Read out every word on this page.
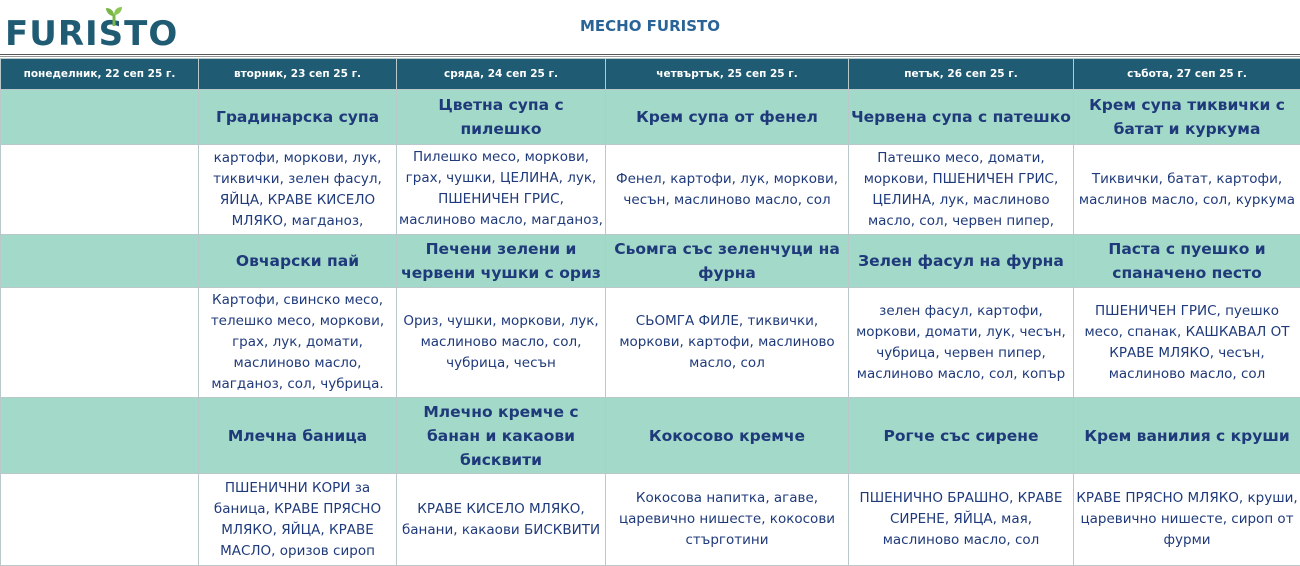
FURISTO	МЕСНО FURISTO
понеделник, 22 сеп 25 г.	вторник, 23 сеп 25 г.	сряда, 24 сеп 25 г.	четвъртък, 25 сеп 25 г.	петък, 26 сеп 25 г.	събота, 27 сеп 25 г.
	Градинарска супа	Цветна супа с пилешко	Крем супа от фенел	Червена супа с патешко	Крем супа тиквички с батат и куркума

	картофи, моркови, лук, тиквички, зелен фасул, ЯЙЦА, КРАВЕ КИСЕЛО МЛЯКО, магданоз,	Пилешко месо, моркови, грах, чушки, ЦЕЛИНА, лук, ПШЕНИЧЕН ГРИС, маслиново масло, магданоз,	Фенел, картофи, лук, моркови, чесън, маслиново масло, сол	Патешко месо, домати, моркови, ПШЕНИЧЕН ГРИС, ЦЕЛИНА, лук, маслиново масло, сол, червен пипер,	Тиквички, батат, картофи, маслинов масло, сол, куркума

	Овчарски пай	Печени зелени и червени чушки с ориз	Сьомга със зеленчуци на фурна	Зелен фасул на фурна	Паста с пуешко и спаначено песто

	Картофи, свинско месо, телешко месо, моркови, грах, лук, домати, маслиново масло, магданоз, сол, чубрица.	Ориз, чушки, моркови, лук, маслиново масло, сол, чубрица, чесън	СЬОМГА ФИЛЕ, тиквички, моркови, картофи, маслиново масло, сол	зелен фасул, картофи, моркови, домати, лук, чесън, чубрица, червен пипер, маслиново масло, сол, копър	ПШЕНИЧЕН ГРИС, пуешко месо, спанак, КАШКАВАЛ ОТ КРАВЕ МЛЯКО, чесън, маслиново масло, сол

	Млечна баница	Млечно кремче с банан и какаови бисквити	Кокосово кремче	Рогче със сирене	Крем ванилия с круши

	ПШЕНИЧНИ КОРИ за баница, КРАВЕ ПРЯСНО МЛЯКО, ЯЙЦА, КРАВЕ МАСЛО, оризов сироп	КРАВЕ КИСЕЛО МЛЯКО, банани, какаови БИСКВИТИ	Кокосова напитка, агаве, царевично нишесте, кокосови стърготини	ПШЕНИЧНО БРАШНО, КРАВЕ СИРЕНЕ, ЯЙЦА, мая, маслиново масло, сол	КРАВЕ ПРЯСНО МЛЯКО, круши, царевично нишесте, сироп от фурми
